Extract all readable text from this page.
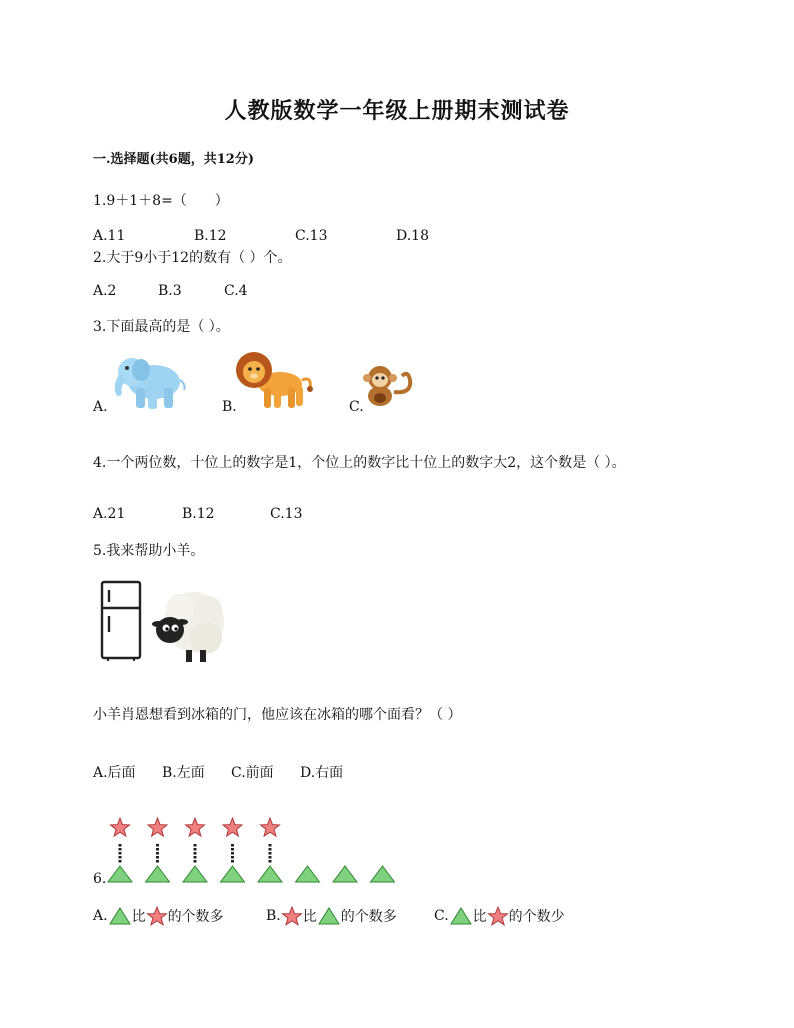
人教版数学一年级上册期末测试卷
一.选择题(共6题，共12分)
1.9＋1＋8=（　　）
A.11	B.12	C.13	D.18
2.大于9小于12的数有（ ）个。
A.2	B.3	C.4
3.下面最高的是（ ）。
A.	B.	C.
4.一个两位数，十位上的数字是1，个位上的数字比十位上的数字大2，这个数是（ ）。
A.21	B.12	C.13
5.我来帮助小羊。
小羊肖恩想看到冰箱的门，他应该在冰箱的哪个面看？（ ）
A.后面 B.左面 C.前面 D.右面
6.
A. 比 的个数多	B. 比 的个数多	C. 比 的个数少
